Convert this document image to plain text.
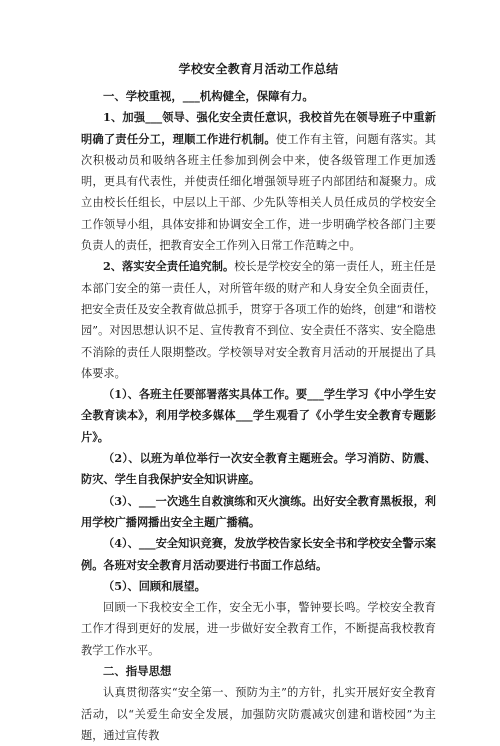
学校安全教育月活动工作总结

一、学校重视，___机构健全，保障有力。

1、加强___领导、强化安全责任意识，我校首先在领导班子中重新明确了责任分工，理顺工作进行机制。使工作有主管，问题有落实。其次积极动员和吸纳各班主任参加到例会中来，使各级管理工作更加透明，更具有代表性，并使责任细化增强领导班子内部团结和凝聚力。成立由校长任组长，中层以上干部、少先队等相关人员任成员的学校安全工作领导小组，具体安排和协调安全工作，进一步明确学校各部门主要负责人的责任，把教育安全工作列入日常工作范畴之中。

2、落实安全责任追究制。校长是学校安全的第一责任人，班主任是本部门安全的第一责任人，对所管年级的财产和人身安全负全面责任，把安全责任及安全教育做总抓手，贯穿于各项工作的始终，创建“和谐校园”。对因思想认识不足、宣传教育不到位、安全责任不落实、安全隐患不消除的责任人限期整改。学校领导对安全教育月活动的开展提出了具体要求。

（1）、各班主任要部署落实具体工作。要___学生学习《中小学生安全教育读本》，利用学校多媒体___学生观看了《小学生安全教育专题影片》。

（2）、以班为单位举行一次安全教育主题班会。学习消防、防震、防灾、学生自我保护安全知识讲座。

（3）、___一次逃生自救演练和灭火演练。出好安全教育黑板报，利用学校广播网播出安全主题广播稿。

（4）、___安全知识竞赛，发放学校告家长安全书和学校安全警示案例。各班对安全教育月活动要进行书面工作总结。

（5）、回顾和展望。

回顾一下我校安全工作，安全无小事，警钟要长鸣。学校安全教育工作才得到更好的发展，进一步做好安全教育工作，不断提高我校教育教学工作水平。

二、指导思想

认真贯彻落实“安全第一、预防为主”的方针，扎实开展好安全教育活动，以“关爱生命安全发展，加强防灾防震减灾创建和谐校园”为主题，通过宣传教
